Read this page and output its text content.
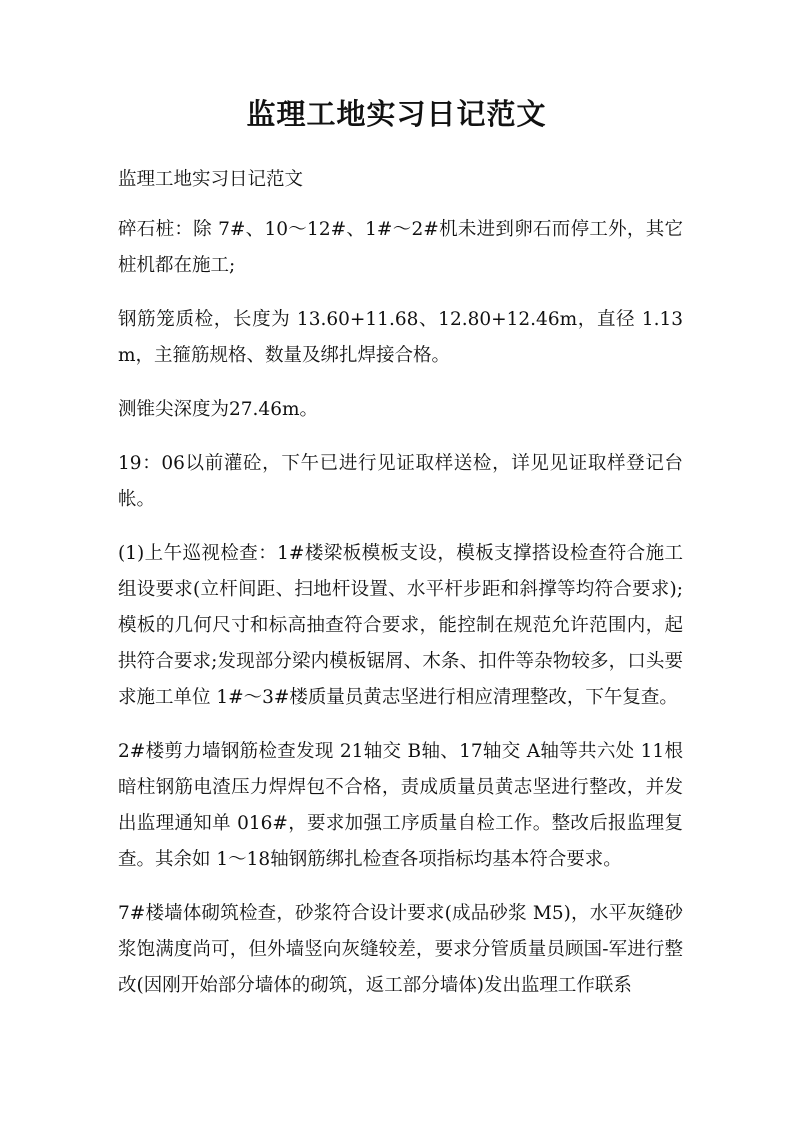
监理工地实习日记范文

监理工地实习日记范文

碎石桩：除 7#、10～12#、1#～2#机未进到卵石而停工外，其它桩机都在施工;

钢筋笼质检，长度为 13.60+11.68、12.80+12.46m，直径 1.13m，主箍筋规格、数量及绑扎焊接合格。

测锥尖深度为27.46m。

19：06以前灌砼，下午已进行见证取样送检，详见见证取样登记台帐。

(1)上午巡视检查：1#楼梁板模板支设，模板支撑搭设检查符合施工组设要求(立杆间距、扫地杆设置、水平杆步距和斜撑等均符合要求);模板的几何尺寸和标高抽查符合要求，能控制在规范允许范围内，起拱符合要求;发现部分梁内模板锯屑、木条、扣件等杂物较多，口头要求施工单位 1#～3#楼质量员黄志坚进行相应清理整改，下午复查。

2#楼剪力墙钢筋检查发现 21轴交 B轴、17轴交 A轴等共六处 11根暗柱钢筋电渣压力焊焊包不合格，责成质量员黄志坚进行整改，并发出监理通知单 016#，要求加强工序质量自检工作。整改后报监理复查。其余如 1～18轴钢筋绑扎检查各项指标均基本符合要求。

7#楼墙体砌筑检查，砂浆符合设计要求(成品砂浆 M5)，水平灰缝砂浆饱满度尚可，但外墙竖向灰缝较差，要求分管质量员顾国-军进行整改(因刚开始部分墙体的砌筑，返工部分墙体)发出监理工作联系
